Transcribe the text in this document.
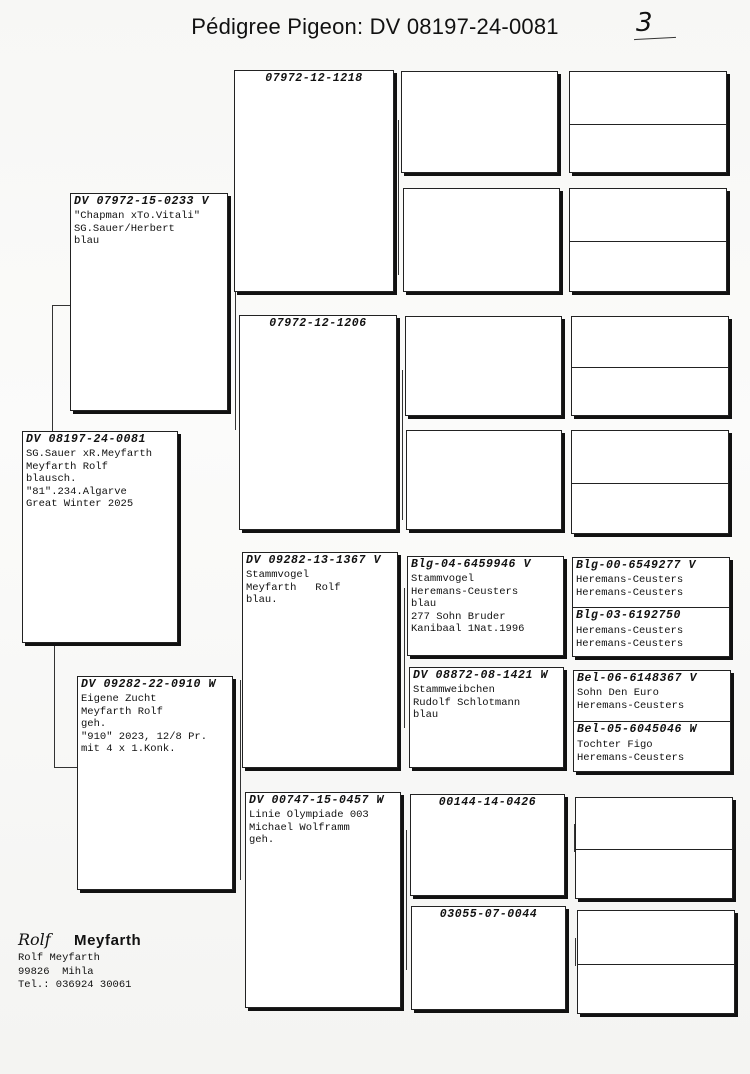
Pédigree Pigeon: DV 08197-24-0081	3
DV 08197-24-0081
SG.Sauer xR.Meyfarth
Meyfarth Rolf
blausch.
"81".234.Algarve
Great Winter 2025
DV 07972-15-0233 V
"Chapman xTo.Vitali"
SG.Sauer/Herbert
blau
DV 09282-22-0910 W
Eigene Zucht
Meyfarth Rolf
geh.
"910" 2023, 12/8 Pr.
mit 4 x 1.Konk.
07972-12-1218
07972-12-1206
DV 09282-13-1367 V
Stammvogel
Meyfarth   Rolf
blau.
DV 00747-15-0457 W
Linie Olympiade 003
Michael Wolframm
geh.
Blg-04-6459946 V
Stammvogel
Heremans-Ceusters
blau
277 Sohn Bruder
Kanibaal 1Nat.1996
DV 08872-08-1421 W
Stammweibchen
Rudolf Schlotmann
blau
00144-14-0426
03055-07-0044
Blg-00-6549277 V
Heremans-Ceusters
Heremans-Ceusters
Blg-03-6192750
Heremans-Ceusters
Heremans-Ceusters
Bel-06-6148367 V
Sohn Den Euro
Heremans-Ceusters
Bel-05-6045046 W
Tochter Figo
Heremans-Ceusters
Rolf Meyfarth
Rolf Meyfarth
99826  Mihla
Tel.: 036924 30061
